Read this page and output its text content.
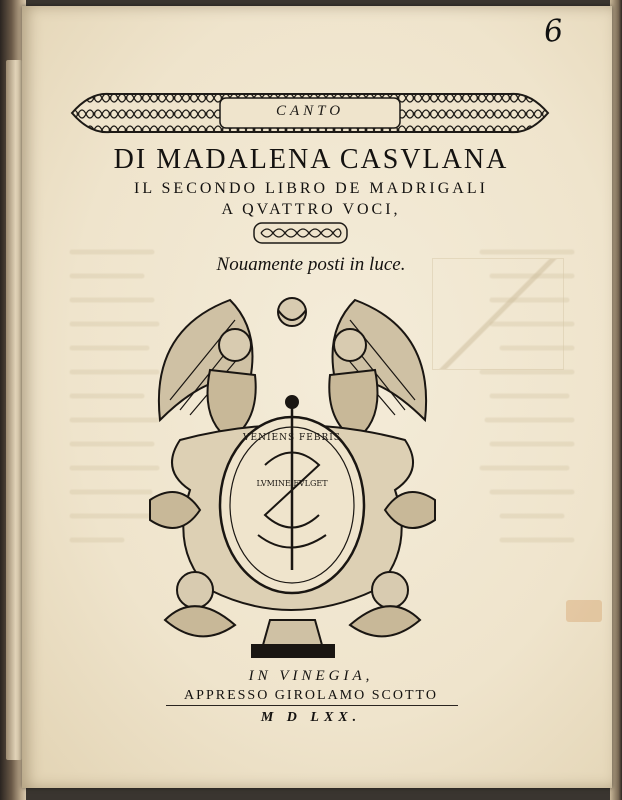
6
CANTO
DI MADALENA CASVLANA
IL SECONDO LIBRO DE MADRIGALI
A QVATTRO VOCI,
Nouamente posti in luce.
VENIENS FEBRIS
LVMINE FVLGET
IN VINEGIA,
APPRESSO GIROLAMO SCOTTO
M D LXX.
